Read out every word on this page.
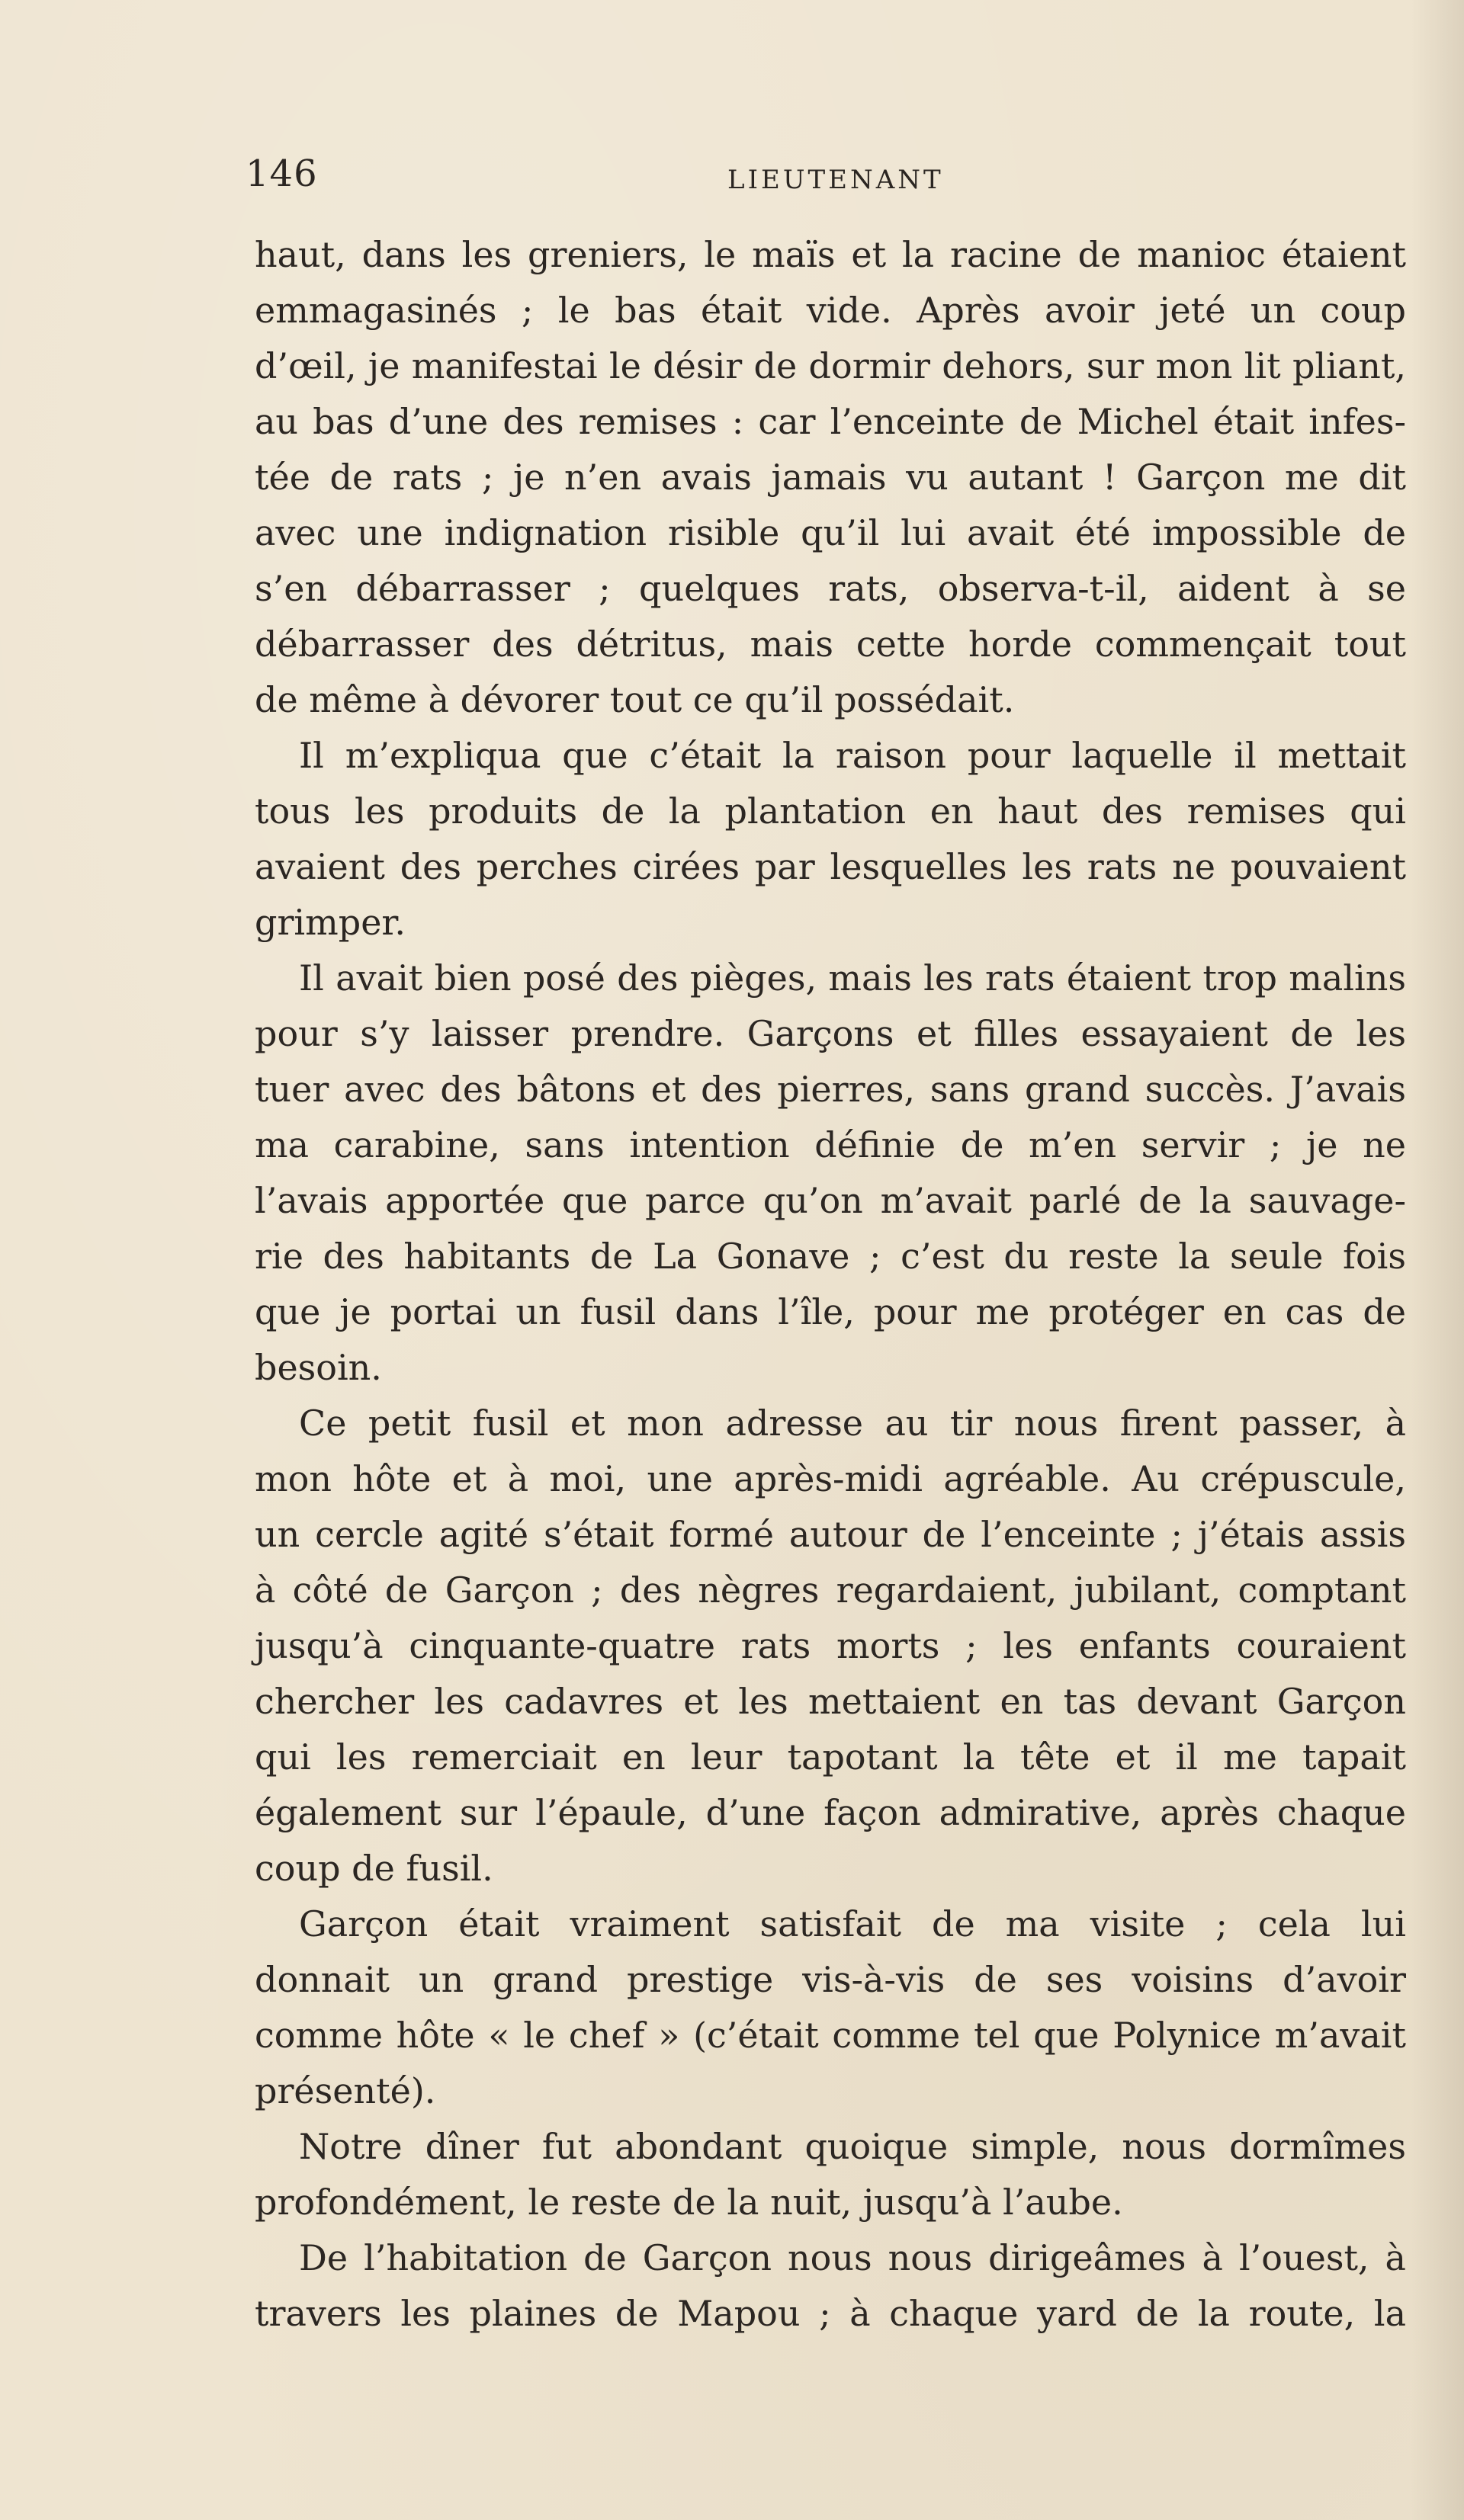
146	LIEUTENANT
haut, dans les greniers, le maïs et la racine de manioc étaient
emmagasinés ; le bas était vide. Après avoir jeté un coup
d’œil, je manifestai le désir de dormir dehors, sur mon lit pliant,
au bas d’une des remises : car l’enceinte de Michel était infes-
tée de rats ; je n’en avais jamais vu autant ! Garçon me dit
avec une indignation risible qu’il lui avait été impossible de
s’en débarrasser ; quelques rats, observa-t-il, aident à se
débarrasser des détritus, mais cette horde commençait tout
de même à dévorer tout ce qu’il possédait.
Il m’expliqua que c’était la raison pour laquelle il mettait
tous les produits de la plantation en haut des remises qui
avaient des perches cirées par lesquelles les rats ne pouvaient
grimper.
Il avait bien posé des pièges, mais les rats étaient trop malins
pour s’y laisser prendre. Garçons et filles essayaient de les
tuer avec des bâtons et des pierres, sans grand succès. J’avais
ma carabine, sans intention définie de m’en servir ; je ne
l’avais apportée que parce qu’on m’avait parlé de la sauvage-
rie des habitants de La Gonave ; c’est du reste la seule fois
que je portai un fusil dans l’île, pour me protéger en cas de
besoin.
Ce petit fusil et mon adresse au tir nous firent passer, à
mon hôte et à moi, une après-midi agréable. Au crépuscule,
un cercle agité s’était formé autour de l’enceinte ; j’étais assis
à côté de Garçon ; des nègres regardaient, jubilant, comptant
jusqu’à cinquante-quatre rats morts ; les enfants couraient
chercher les cadavres et les mettaient en tas devant Garçon
qui les remerciait en leur tapotant la tête et il me tapait
également sur l’épaule, d’une façon admirative, après chaque
coup de fusil.
Garçon était vraiment satisfait de ma visite ; cela lui
donnait un grand prestige vis-à-vis de ses voisins d’avoir
comme hôte « le chef » (c’était comme tel que Polynice m’avait
présenté).
Notre dîner fut abondant quoique simple, nous dormîmes
profondément, le reste de la nuit, jusqu’à l’aube.
De l’habitation de Garçon nous nous dirigeâmes à l’ouest, à
travers les plaines de Mapou ; à chaque yard de la route, la
